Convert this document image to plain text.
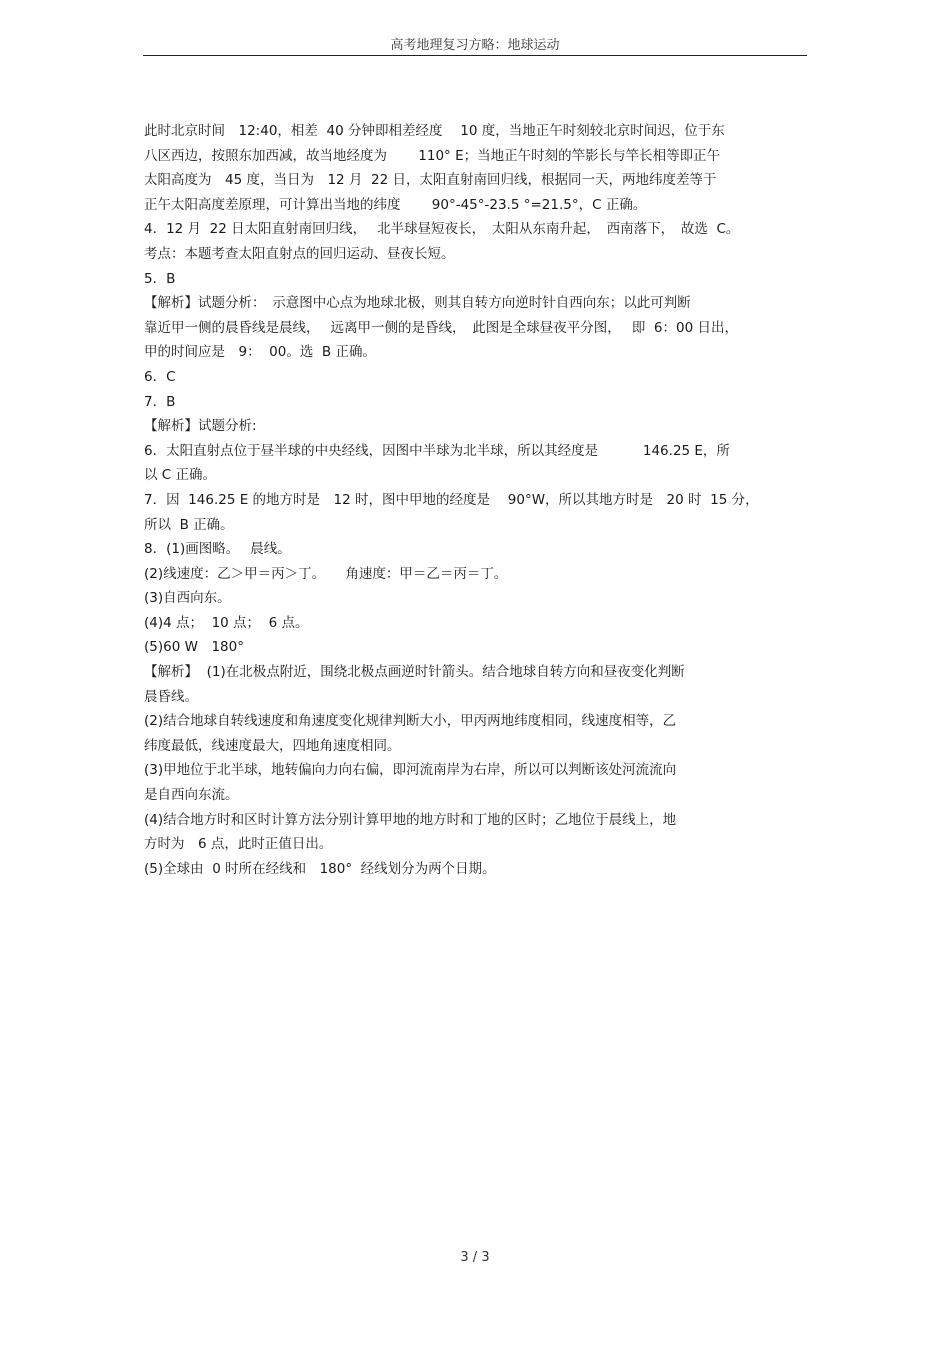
高考地理复习方略：地球运动
此时北京时间　12:40，相差  40 分钟即相差经度　 10 度，当地正午时刻较北京时间迟，位于东
八区西边，按照东加西减，故当地经度为　　 110° E；当地正午时刻的竿影长与竿长相等即正午
太阳高度为　45 度，当日为　12 月  22 日，太阳直射南回归线，根据同一天，两地纬度差等于
正午太阳高度差原理，可计算出当地的纬度　　 90°-45°-23.5 °=21.5°，C 正确。
4．12 月  22 日太阳直射南回归线，　 北半球昼短夜长，　太阳从东南升起，　西南落下，　故选  C。
考点：本题考查太阳直射点的回归运动、昼夜长短。
5．B
【解析】试题分析：　示意图中心点为地球北极，则其自转方向逆时针自西向东；以此可判断
靠近甲一侧的晨昏线是晨线，　 远离甲一侧的是昏线，　此图是全球昼夜平分图，　 即  6：00 日出，
甲的时间应是　9：  00。选  B 正确。
6．C
7．B
【解析】试题分析:
6．太阳直射点位于昼半球的中央经线，因图中半球为北半球，所以其经度是　　　 146.25 E，所
以 C 正确。
7．因  146.25 E 的地方时是　12 时，图中甲地的经度是　 90°W，所以其地方时是　20 时  15 分，
所以  B 正确。
8．(1)画图略。　 晨线。
(2)线速度：乙＞甲＝丙＞丁。　　角速度：甲＝乙＝丙＝丁。
(3)自西向东。
(4)4 点；  10 点；  6 点。
(5)60 W　180°
【解析】  (1)在北极点附近，围绕北极点画逆时针箭头。结合地球自转方向和昼夜变化判断
晨昏线。
(2)结合地球自转线速度和角速度变化规律判断大小，甲丙两地纬度相同，线速度相等，乙
纬度最低，线速度最大，四地角速度相同。
(3)甲地位于北半球，地转偏向力向右偏，即河流南岸为右岸，所以可以判断该处河流流向
是自西向东流。
(4)结合地方时和区时计算方法分别计算甲地的地方时和丁地的区时；乙地位于晨线上，地
方时为　6 点，此时正值日出。
(5)全球由  0 时所在经线和　180°  经线划分为两个日期。
3 / 3
